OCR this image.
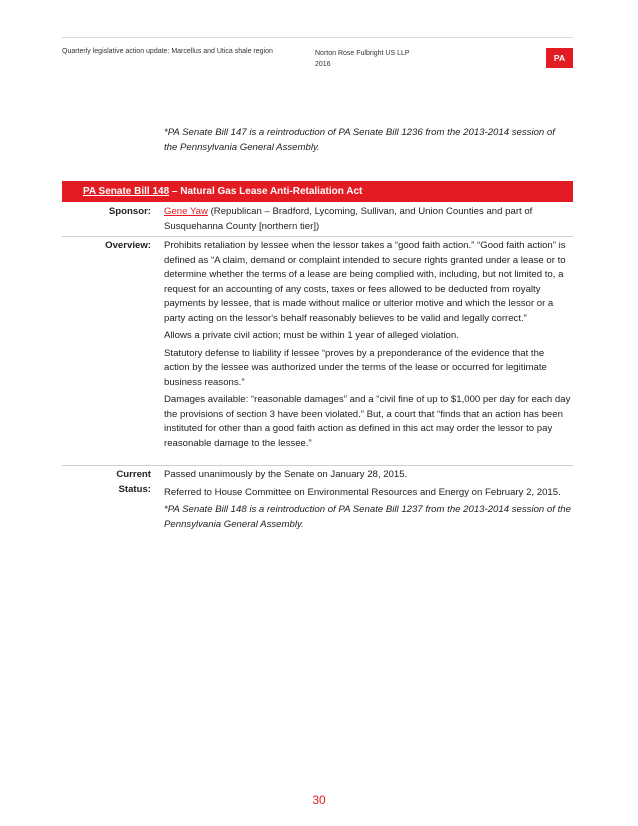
Quarterly legislative action update: Marcellus and Utica shale region	Norton Rose Fulbright US LLP
2016
PA
*PA Senate Bill 147 is a reintroduction of PA Senate Bill 1236 from the 2013-2014 session of the Pennsylvania General Assembly.
PA Senate Bill 148 – Natural Gas Lease Anti-Retaliation Act
Sponsor: Gene Yaw (Republican – Bradford, Lycoming, Sullivan, and Union Counties and part of Susquehanna County [northern tier])
Overview: Prohibits retaliation by lessee when the lessor takes a “good faith action.” “Good faith action” is defined as “A claim, demand or complaint intended to secure rights granted under a lease or to determine whether the terms of a lease are being complied with, including, but not limited to, a request for an accounting of any costs, taxes or fees allowed to be deducted from royalty payments by lessee, that is made without malice or ulterior motive and which the lessor or a party acting on the lessor's behalf reasonably believes to be valid and legally correct.”

Allows a private civil action; must be within 1 year of alleged violation.

Statutory defense to liability if lessee “proves by a preponderance of the evidence that the action by the lessee was authorized under the terms of the lease or occurred for legitimate business reasons.”

Damages available: “reasonable damages” and a “civil fine of up to $1,000 per day for each day the provisions of section 3 have been violated.” But, a court that “finds that an action has been instituted for other than a good faith action as defined in this act may order the lessor to pay reasonable damage to the lessee.”

Current
Status:

Passed unanimously by the Senate on January 28, 2015.

Referred to House Committee on Environmental Resources and Energy on February 2, 2015.

*PA Senate Bill 148 is a reintroduction of PA Senate Bill 1237 from the 2013-2014 session of the Pennsylvania General Assembly.

30
